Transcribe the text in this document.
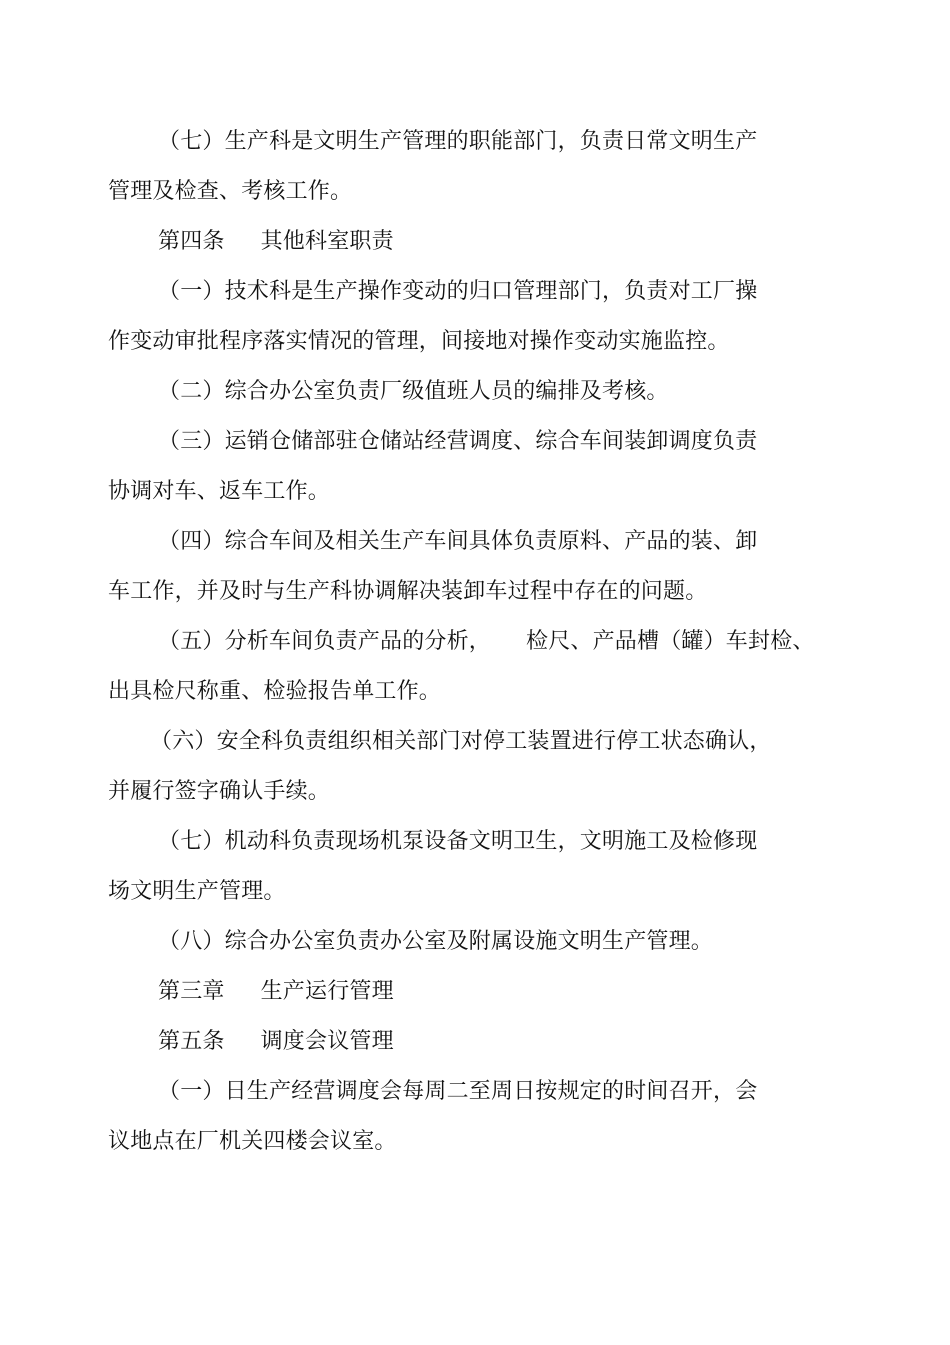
（七）生产科是文明生产管理的职能部门，负责日常文明生产
管理及检查、考核工作。
第四条 其他科室职责
（一）技术科是生产操作变动的归口管理部门，负责对工厂操
作变动审批程序落实情况的管理，间接地对操作变动实施监控。
（二）综合办公室负责厂级值班人员的编排及考核。
（三）运销仓储部驻仓储站经营调度、综合车间装卸调度负责
协调对车、返车工作。
（四）综合车间及相关生产车间具体负责原料、产品的装、卸
车工作，并及时与生产科协调解决装卸车过程中存在的问题。
（五）分析车间负责产品的分析， 检尺、产品槽（罐）车封检、
出具检尺称重、检验报告单工作。
（六）安全科负责组织相关部门对停工装置进行停工状态确认，
并履行签字确认手续。
（七）机动科负责现场机泵设备文明卫生，文明施工及检修现
场文明生产管理。
（八）综合办公室负责办公室及附属设施文明生产管理。
第三章 生产运行管理
第五条 调度会议管理
（一）日生产经营调度会每周二至周日按规定的时间召开，会
议地点在厂机关四楼会议室。
